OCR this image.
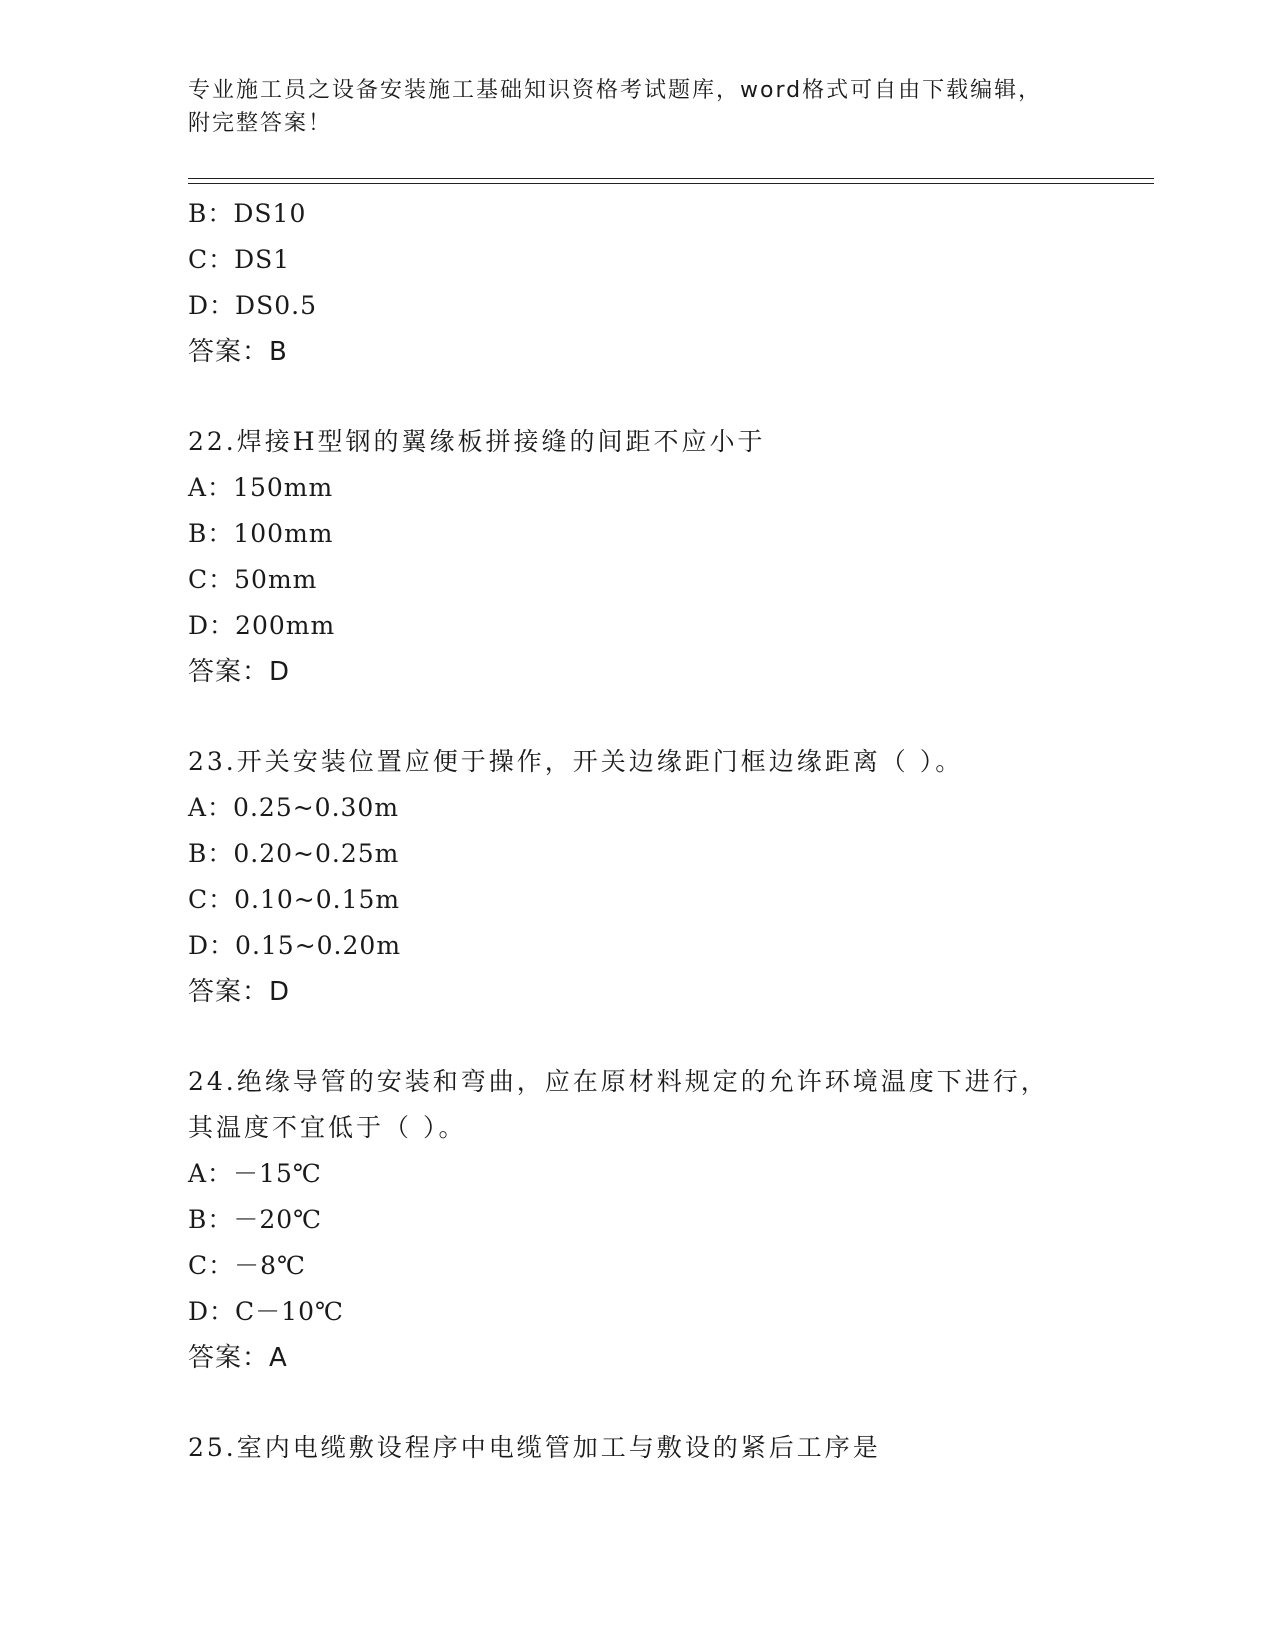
专业施工员之设备安装施工基础知识资格考试题库，word格式可自由下载编辑，
附完整答案！
B：DS10
C：DS1
D：DS0.5
答案：B
22.焊接H型钢的翼缘板拼接缝的间距不应小于
A：150mm
B：100mm
C：50mm
D：200mm
答案：D
23.开关安装位置应便于操作，开关边缘距门框边缘距离（ ）。
A：0.25~0.30m
B：0.20~0.25m
C：0.10~0.15m
D：0.15~0.20m
答案：D
24.绝缘导管的安装和弯曲，应在原材料规定的允许环境温度下进行，
其温度不宜低于（ ）。
A：－15℃
B：－20℃
C：－8℃
D：C－10℃
答案：A
25.室内电缆敷设程序中电缆管加工与敷设的紧后工序是
